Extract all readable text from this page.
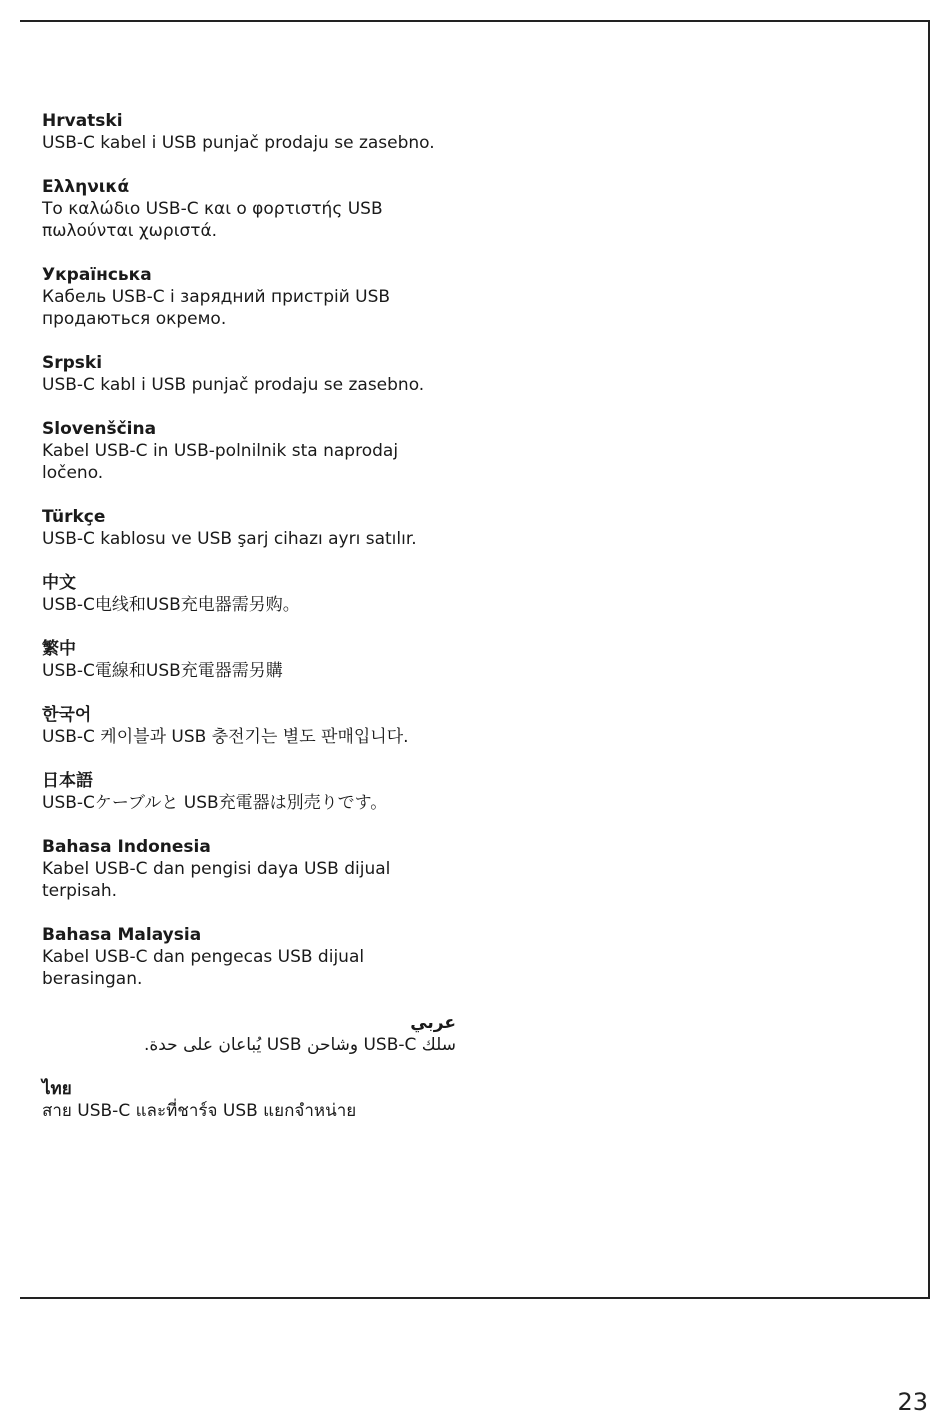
Hrvatski

USB-C kabel i USB punjač prodaju se zasebno.

Ελληνικά

Το καλώδιο USB-C και ο φορτιστής USB πωλούνται χωριστά.

Українська

Кабель USB-C і зарядний пристрій USB продаються окремо.

Srpski

USB-C kabl i USB punjač prodaju se zasebno.

Slovenščina

Kabel USB-C in USB-polnilnik sta naprodaj ločeno.

Türkçe

USB-C kablosu ve USB şarj cihazı ayrı satılır.

中文

USB-C电线和USB充电器需另购。

繁中

USB-C電線和USB充電器需另購

한국어

USB-C 케이블과 USB 충전기는 별도 판매입니다.

日本語

USB-Cケーブルと USB充電器は別売りです。

Bahasa Indonesia

Kabel USB-C dan pengisi daya USB dijual terpisah.

Bahasa Malaysia

Kabel USB-C dan pengecas USB dijual berasingan.

عربي

سلك USB-C وشاحن USB يُباعان على حدة.

ไทย

สาย USB-C และที่ชาร์จ USB แยกจำหน่าย

23
